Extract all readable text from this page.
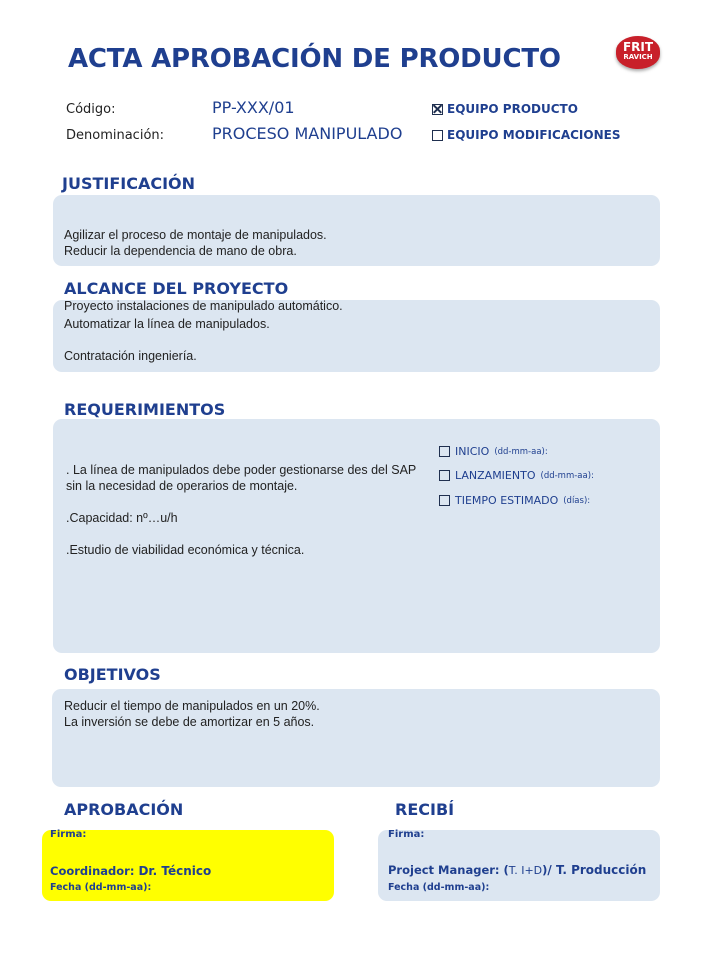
ACTA APROBACIÓN DE PRODUCTO	FRIT
RAVICH
Código:	PP-XXX/01
Denominación:	PROCESO MANIPULADO
EQUIPO PRODUCTO
EQUIPO MODIFICACIONES
JUSTIFICACIÓN
Agilizar el proceso de montaje de manipulados.
Reducir la dependencia de mano de obra.
ALCANCE DEL PROYECTO
Proyecto instalaciones de manipulado automático.
Automatizar la línea de manipulados.

Contratación ingeniería.
REQUERIMIENTOS
. La línea de manipulados debe poder gestionarse des del SAP sin la necesidad de operarios de montaje.

.Capacidad: nº…u/h

.Estudio de viabilidad económica y técnica.
INICIO (dd-mm-aa):
LANZAMIENTO (dd-mm-aa):
TIEMPO ESTIMADO (días):
OBJETIVOS
Reducir el tiempo de manipulados en un 20%.
La inversión se debe de amortizar en 5 años.
APROBACIÓN
Firma:
Coordinador: Dr. Técnico
Fecha (dd-mm-aa):
RECIBÍ
Firma:
Project Manager: (T. I+D)/ T. Producción
Fecha (dd-mm-aa):
